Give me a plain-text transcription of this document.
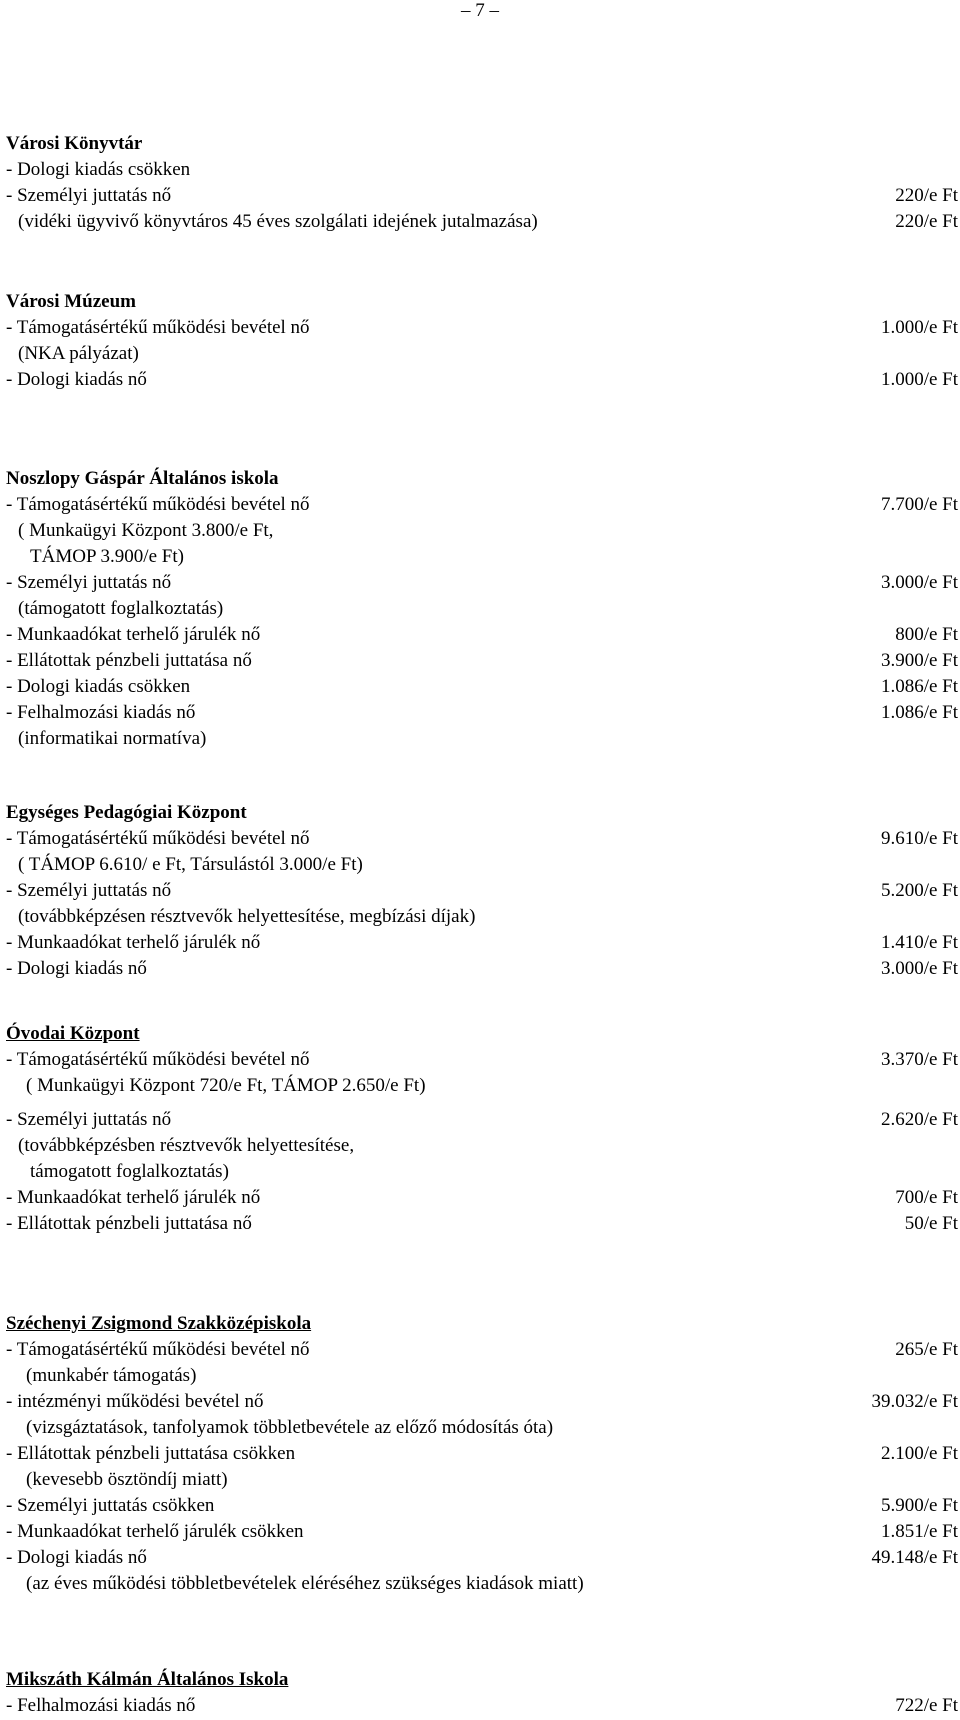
– 7 –
Városi Könyvtár
- Dologi kiadás csökken
- Személyi juttatás nő	220/e Ft
(vidéki ügyvivő könyvtáros 45 éves szolgálati idejének jutalmazása)	220/e Ft
Városi Múzeum
- Támogatásértékű működési bevétel nő	1.000/e Ft
(NKA pályázat)
- Dologi kiadás nő	1.000/e Ft
Noszlopy Gáspár Általános iskola
- Támogatásértékű működési bevétel nő	7.700/e Ft
( Munkaügyi Központ 3.800/e Ft,
TÁMOP 3.900/e Ft)
- Személyi juttatás nő	3.000/e Ft
(támogatott foglalkoztatás)
- Munkaadókat terhelő járulék nő	800/e Ft
- Ellátottak pénzbeli juttatása nő	3.900/e Ft
- Dologi kiadás csökken	1.086/e Ft
- Felhalmozási kiadás nő	1.086/e Ft
(informatikai normatíva)
Egységes Pedagógiai Központ
- Támogatásértékű működési bevétel nő	9.610/e Ft
( TÁMOP 6.610/ e Ft, Társulástól 3.000/e Ft)
- Személyi juttatás nő	5.200/e Ft
(továbbképzésen résztvevők helyettesítése, megbízási díjak)
- Munkaadókat terhelő járulék nő	1.410/e Ft
- Dologi kiadás nő	3.000/e Ft
Óvodai Központ
- Támogatásértékű működési bevétel nő	3.370/e Ft
( Munkaügyi Központ 720/e Ft, TÁMOP 2.650/e Ft)
- Személyi juttatás nő	2.620/e Ft
(továbbképzésben résztvevők helyettesítése,
támogatott foglalkoztatás)
- Munkaadókat terhelő járulék nő	700/e Ft
- Ellátottak pénzbeli juttatása nő	50/e Ft
Széchenyi Zsigmond Szakközépiskola
- Támogatásértékű működési bevétel nő	265/e Ft
(munkabér támogatás)
- intézményi működési bevétel nő	39.032/e Ft
(vizsgáztatások, tanfolyamok többletbevétele az előző módosítás óta)
- Ellátottak pénzbeli juttatása csökken	2.100/e Ft
(kevesebb ösztöndíj miatt)
- Személyi juttatás csökken	5.900/e Ft
- Munkaadókat terhelő járulék csökken	1.851/e Ft
- Dologi kiadás nő	49.148/e Ft
(az éves működési többletbevételek eléréséhez szükséges kiadások miatt)
Mikszáth Kálmán Általános Iskola
- Felhalmozási kiadás nő	722/e Ft
